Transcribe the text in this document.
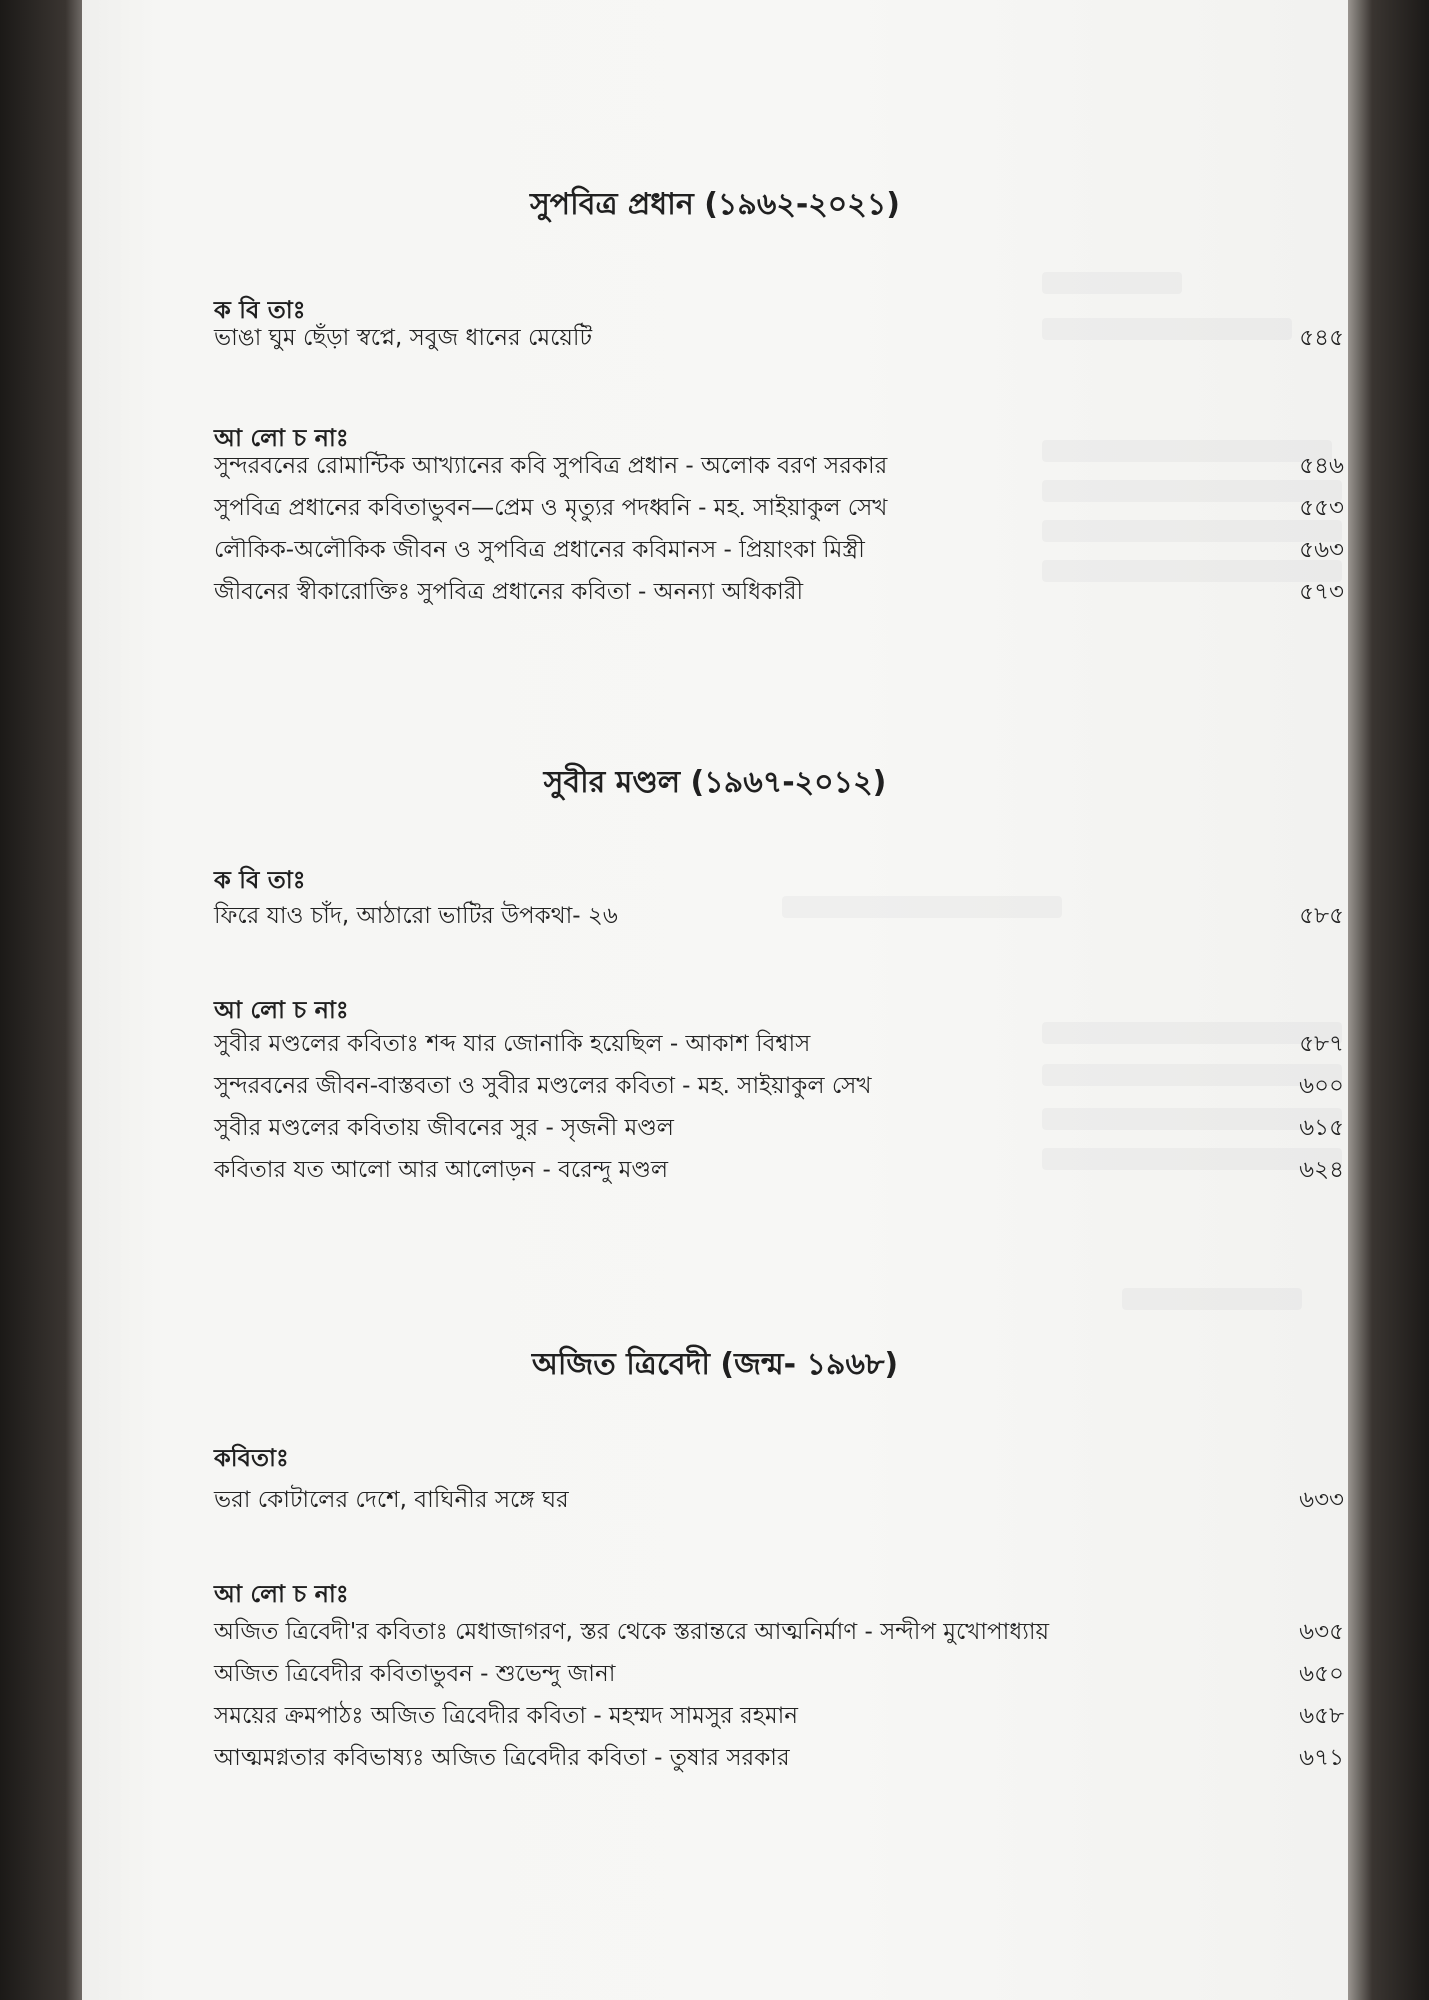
সুপবিত্র প্রধান (১৯৬২-২০২১)
ক বি তাঃ
ভাঙা ঘুম ছেঁড়া স্বপ্নে, সবুজ ধানের মেয়েটি	৫৪৫
আ লো চ নাঃ
সুন্দরবনের রোমান্টিক আখ্যানের কবি সুপবিত্র প্রধান - অলোক বরণ সরকার	৫৪৬
সুপবিত্র প্রধানের কবিতাভুবন—প্রেম ও মৃত্যুর পদধ্বনি - মহ. সাইয়াকুল সেখ	৫৫৩
লৌকিক-অলৌকিক জীবন ও সুপবিত্র প্রধানের কবিমানস - প্রিয়াংকা মিস্ত্রী	৫৬৩
জীবনের স্বীকারোক্তিঃ সুপবিত্র প্রধানের কবিতা - অনন্যা অধিকারী	৫৭৩
সুবীর মণ্ডল (১৯৬৭-২০১২)
ক বি তাঃ
ফিরে যাও চাঁদ, আঠারো ভাটির উপকথা- ২৬	৫৮৫
আ লো চ নাঃ
সুবীর মণ্ডলের কবিতাঃ শব্দ যার জোনাকি হয়েছিল - আকাশ বিশ্বাস	৫৮৭
সুন্দরবনের জীবন-বাস্তবতা ও সুবীর মণ্ডলের কবিতা - মহ. সাইয়াকুল সেখ	৬০০
সুবীর মণ্ডলের কবিতায় জীবনের সুর - সৃজনী মণ্ডল	৬১৫
কবিতার যত আলো আর আলোড়ন - বরেন্দু মণ্ডল	৬২৪
অজিত ত্রিবেদী (জন্ম- ১৯৬৮)
কবিতাঃ
ভরা কোটালের দেশে, বাঘিনীর সঙ্গে ঘর	৬৩৩
আ লো চ নাঃ
অজিত ত্রিবেদী'র কবিতাঃ মেধাজাগরণ, স্তর থেকে স্তরান্তরে আত্মনির্মাণ - সন্দীপ মুখোপাধ্যায়	৬৩৫
অজিত ত্রিবেদীর কবিতাভুবন - শুভেন্দু জানা	৬৫০
সময়ের ক্রমপাঠঃ অজিত ত্রিবেদীর কবিতা - মহম্মদ সামসুর রহমান	৬৫৮
আত্মমগ্নতার কবিভাষ্যঃ অজিত ত্রিবেদীর কবিতা - তুষার সরকার	৬৭১
